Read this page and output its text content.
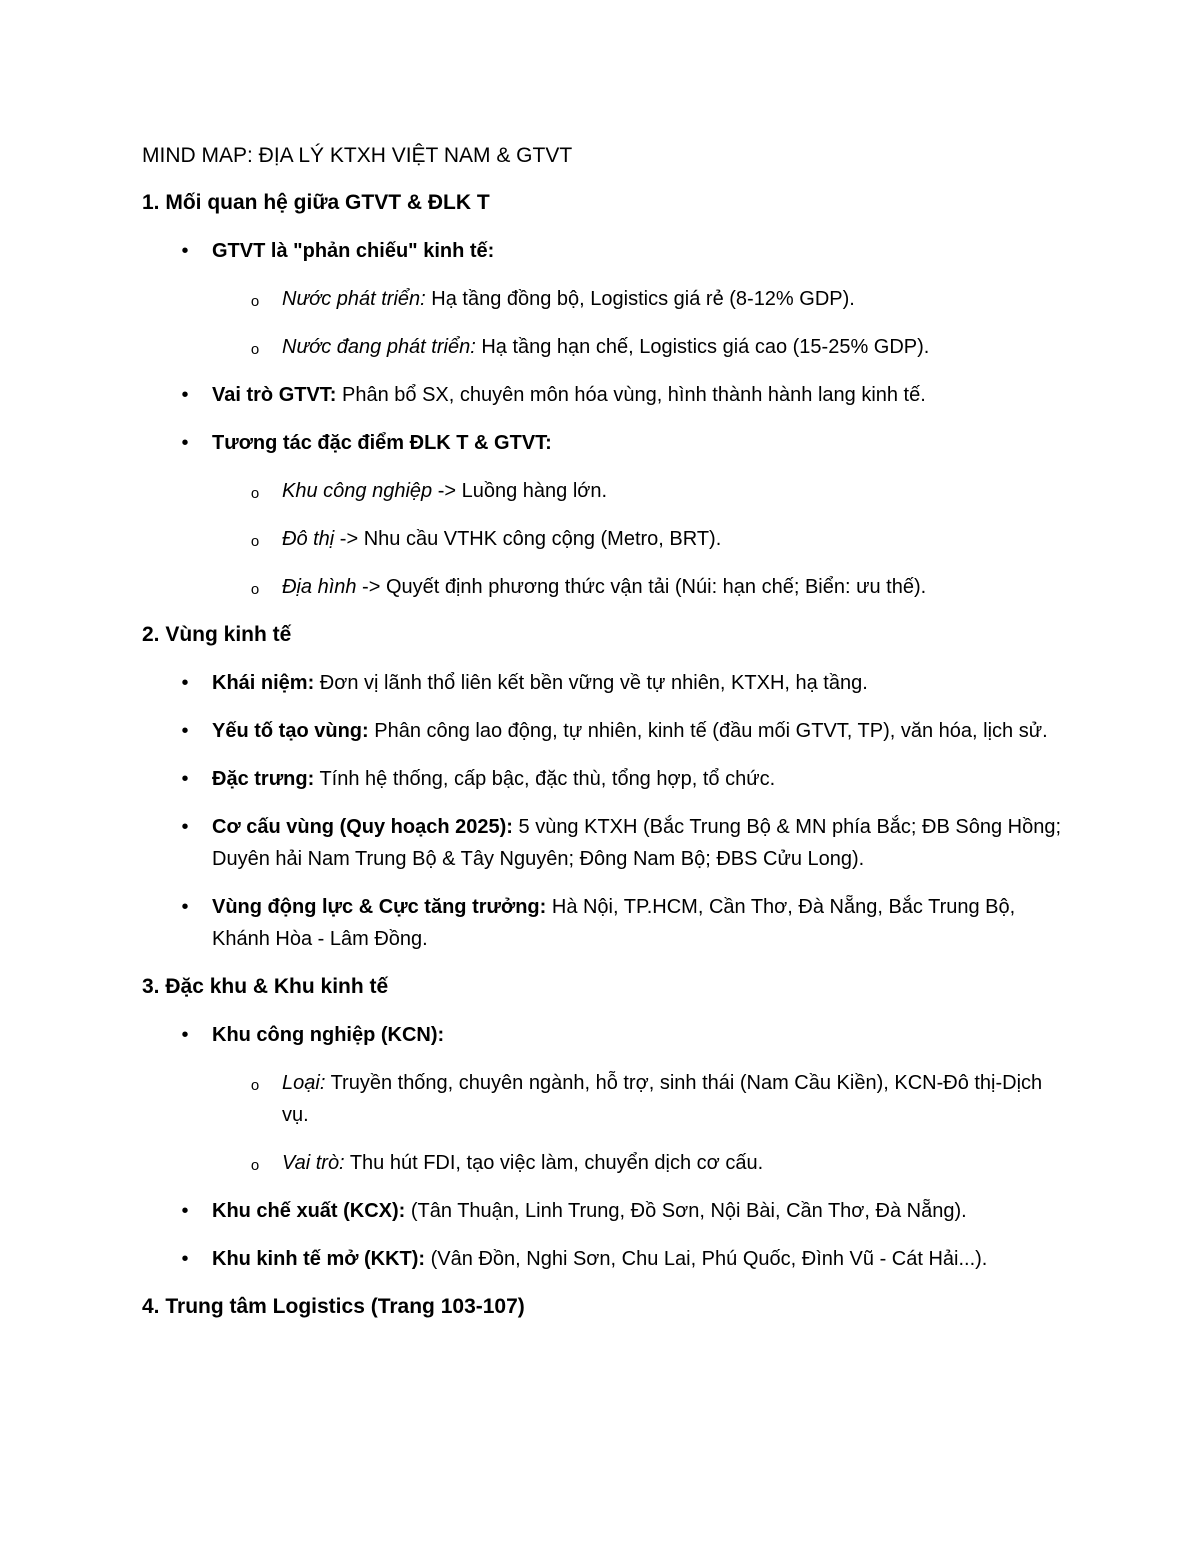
MIND MAP: ĐỊA LÝ KTXH VIỆT NAM & GTVT
1. Mối quan hệ giữa GTVT & ĐLK T
•	GTVT là "phản chiếu" kinh tế:
o Nước phát triển: Hạ tầng đồng bộ, Logistics giá rẻ (8-12% GDP).
o Nước đang phát triển: Hạ tầng hạn chế, Logistics giá cao (15-25% GDP).
•	Vai trò GTVT: Phân bổ SX, chuyên môn hóa vùng, hình thành hành lang kinh tế.
•	Tương tác đặc điểm ĐLK T & GTVT:
o Khu công nghiệp -> Luồng hàng lớn.
o Đô thị -> Nhu cầu VTHK công cộng (Metro, BRT).
o Địa hình -> Quyết định phương thức vận tải (Núi: hạn chế; Biển: ưu thế).
2. Vùng kinh tế
•	Khái niệm: Đơn vị lãnh thổ liên kết bền vững về tự nhiên, KTXH, hạ tầng.
•	Yếu tố tạo vùng: Phân công lao động, tự nhiên, kinh tế (đầu mối GTVT, TP), văn hóa, lịch sử.
•	Đặc trưng: Tính hệ thống, cấp bậc, đặc thù, tổng hợp, tổ chức.
•	Cơ cấu vùng (Quy hoạch 2025): 5 vùng KTXH (Bắc Trung Bộ & MN phía Bắc; ĐB Sông Hồng; Duyên hải Nam Trung Bộ & Tây Nguyên; Đông Nam Bộ; ĐBS Cửu Long).
•	Vùng động lực & Cực tăng trưởng: Hà Nội, TP.HCM, Cần Thơ, Đà Nẵng, Bắc Trung Bộ, Khánh Hòa - Lâm Đồng.
3. Đặc khu & Khu kinh tế
•	Khu công nghiệp (KCN):
o Loại: Truyền thống, chuyên ngành, hỗ trợ, sinh thái (Nam Cầu Kiền), KCN-Đô thị-Dịch vụ.
o Vai trò: Thu hút FDI, tạo việc làm, chuyển dịch cơ cấu.
•	Khu chế xuất (KCX): (Tân Thuận, Linh Trung, Đồ Sơn, Nội Bài, Cần Thơ, Đà Nẵng).
•	Khu kinh tế mở (KKT): (Vân Đồn, Nghi Sơn, Chu Lai, Phú Quốc, Đình Vũ - Cát Hải...).
4. Trung tâm Logistics (Trang 103-107)
